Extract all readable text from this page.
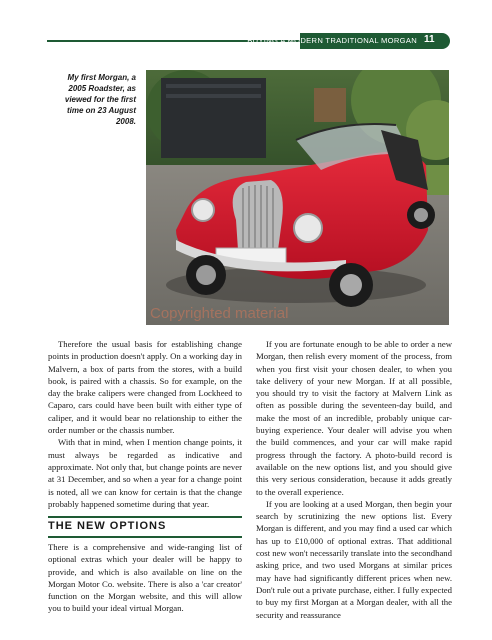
BUYING A MODERN TRADITIONAL MORGAN 11
My first Morgan, a 2005 Roadster, as viewed for the first time on 23 August 2008.
Copyrighted material

Therefore the usual basis for establishing change points in production doesn't apply. On a working day in Malvern, a box of parts from the stores, with a build book, is paired with a chassis. So for example, on the day the brake calipers were changed from Lockheed to Caparo, cars could have been built with either type of caliper, and it would bear no relationship to either the order number or the chassis number.

With that in mind, when I mention change points, it must always be regarded as indicative and approximate. Not only that, but change points are never at 31 December, and so when a year for a change point is noted, all we can know for certain is that the change probably happened sometime during that year.

THE NEW OPTIONS

There is a comprehensive and wide-ranging list of optional extras which your dealer will be happy to provide, and which is also available on line on the Morgan Motor Co. website. There is also a 'car creator' function on the Morgan website, and this will allow you to build your ideal virtual Morgan.

If you are fortunate enough to be able to order a new Morgan, then relish every moment of the process, from when you first visit your chosen dealer, to when you take delivery of your new Morgan. If at all possible, you should try to visit the factory at Malvern Link as often as possible during the seventeen-day build, and make the most of an incredible, probably unique car-buying experience. Your dealer will advise you when the build commences, and your car will make rapid progress through the factory. A photo-build record is available on the new options list, and you should give this very serious consideration, because it adds greatly to the overall experience.

If you are looking at a used Morgan, then begin your search by scrutinizing the new options list. Every Morgan is different, and you may find a used car which has up to £10,000 of optional extras. That additional cost new won't necessarily translate into the secondhand asking price, and two used Morgans at similar prices may have had significantly different prices when new. Don't rule out a private purchase, either. I fully expected to buy my first Morgan at a Morgan dealer, with all the security and reassurance
